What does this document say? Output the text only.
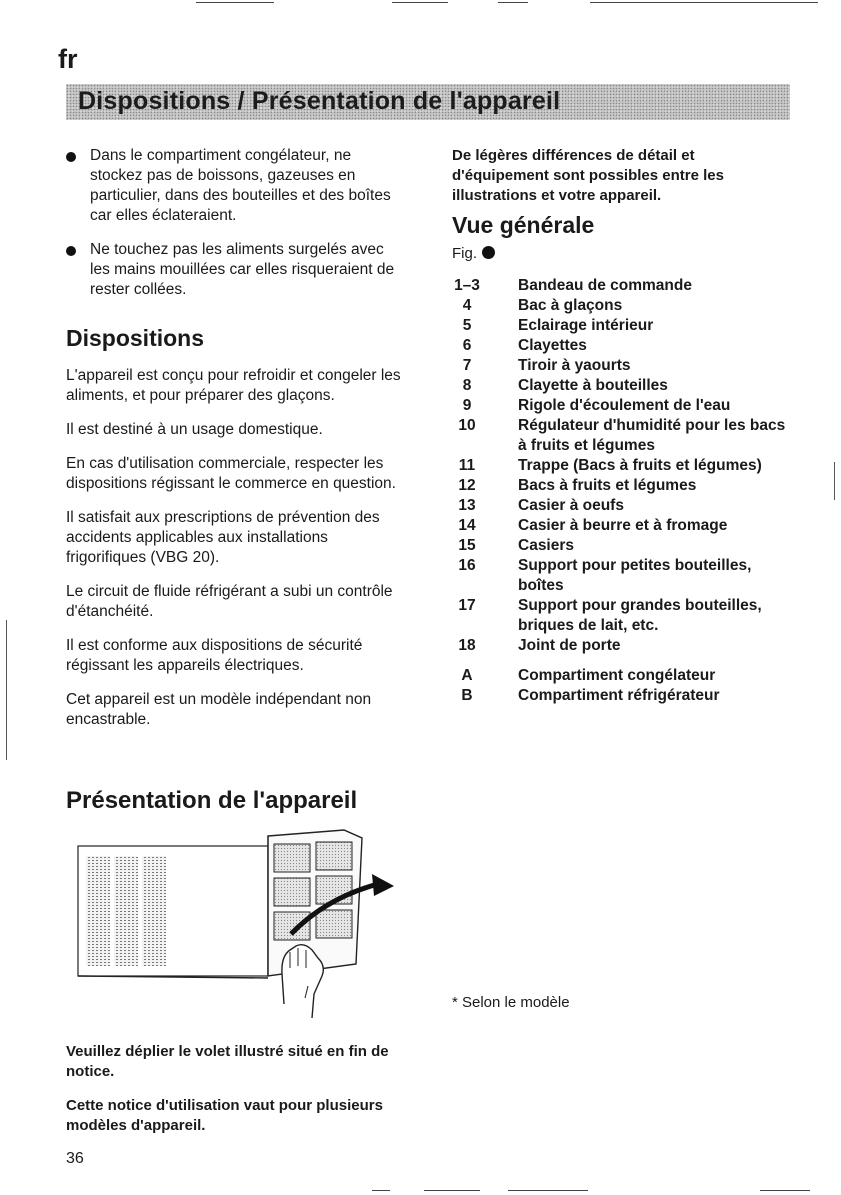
fr
Dispositions / Présentation de l'appareil
Dans le compartiment congélateur, ne stockez pas de boissons, gazeuses en particulier, dans des bouteilles et des boîtes car elles éclateraient.
Ne touchez pas les aliments surgelés avec les mains mouillées car elles risqueraient de rester collées.
Dispositions

L'appareil est conçu pour refroidir et congeler les aliments, et pour préparer des glaçons.

Il est destiné à un usage domestique.

En cas d'utilisation commerciale, respecter les dispositions régissant le commerce en question.

Il satisfait aux prescriptions de prévention des accidents applicables aux installations frigorifiques (VBG 20).

Le circuit de fluide réfrigérant a subi un contrôle d'étanchéité.

Il est conforme aux dispositions de sécurité régissant les appareils électriques.

Cet appareil est un modèle indépendant non encastrable.

Présentation de l'appareil

Veuillez déplier le volet illustré situé en fin de notice.

Cette notice d'utilisation vaut pour plusieurs modèles d'appareil.

36
De légères différences de détail et d'équipement sont possibles entre les illustrations et votre appareil.
Vue générale
Fig.
1–3	Bandeau de commande
4	Bac à glaçons
5	Eclairage intérieur
6	Clayettes
7	Tiroir à yaourts
8	Clayette à bouteilles
9	Rigole d'écoulement de l'eau
10	Régulateur d'humidité pour les bacs à fruits et légumes
11	Trappe (Bacs à fruits et légumes)
12	Bacs à fruits et légumes
13	Casier à oeufs
14	Casier à beurre et à fromage
15	Casiers
16	Support pour petites bouteilles, boîtes
17	Support pour grandes bouteilles, briques de lait, etc.
18	Joint de porte
A	Compartiment congélateur
B	Compartiment réfrigérateur
* Selon le modèle
